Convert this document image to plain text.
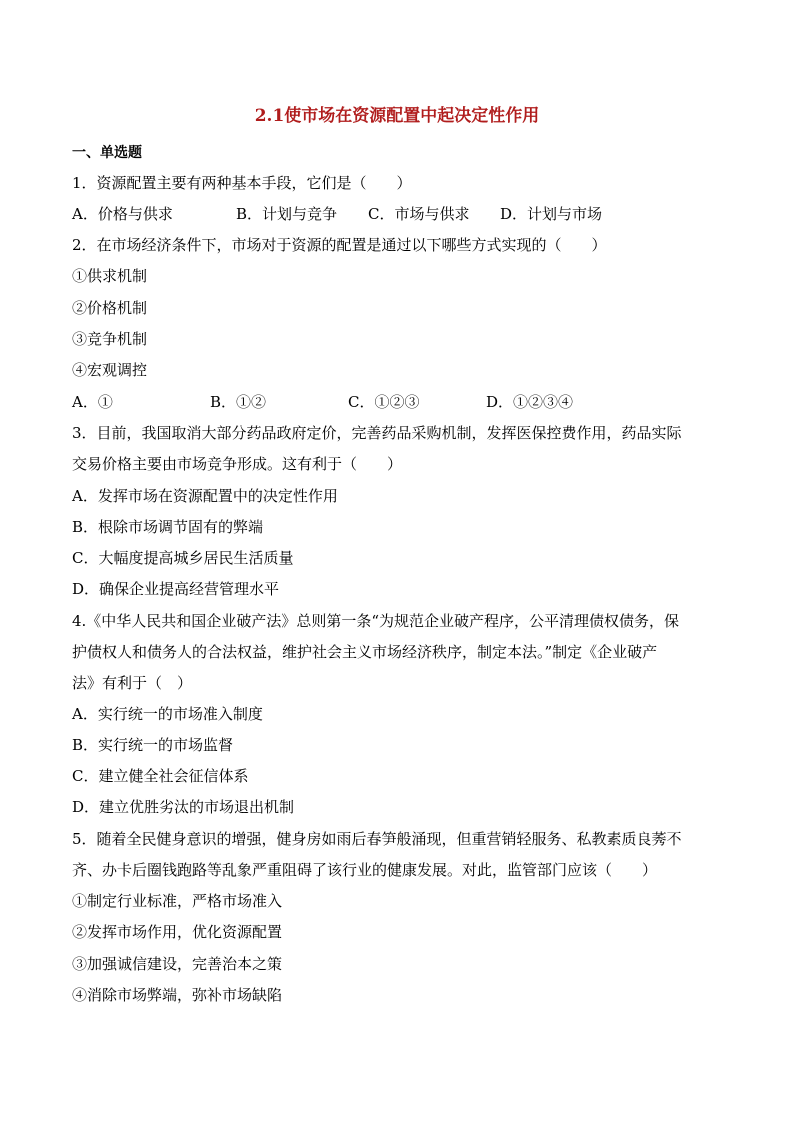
2.1使市场在资源配置中起决定性作用
一、单选题
1．资源配置主要有两种基本手段，它们是（　　）
A．价格与供求	B．计划与竞争 C．市场与供求 D．计划与市场
2．在市场经济条件下，市场对于资源的配置是通过以下哪些方式实现的（　　）
①供求机制
②价格机制
③竞争机制
④宏观调控
A．①	B．①②	C．①②③	D．①②③④
3．目前，我国取消大部分药品政府定价，完善药品采购机制，发挥医保控费作用，药品实际
交易价格主要由市场竞争形成。这有利于（　　）
A．发挥市场在资源配置中的决定性作用
B．根除市场调节固有的弊端
C．大幅度提高城乡居民生活质量
D．确保企业提高经营管理水平
4.《中华人民共和国企业破产法》总则第一条“为规范企业破产程序，公平清理债权债务，保
护债权人和债务人的合法权益，维护社会主义市场经济秩序，制定本法。”制定《企业破产
法》有利于（　）
A．实行统一的市场准入制度
B．实行统一的市场监督
C．建立健全社会征信体系
D．建立优胜劣汰的市场退出机制
5．随着全民健身意识的增强，健身房如雨后春笋般涌现，但重营销轻服务、私教素质良莠不
齐、办卡后圈钱跑路等乱象严重阻碍了该行业的健康发展。对此，监管部门应该（　　）
①制定行业标准，严格市场准入
②发挥市场作用，优化资源配置
③加强诚信建设，完善治本之策
④消除市场弊端，弥补市场缺陷
